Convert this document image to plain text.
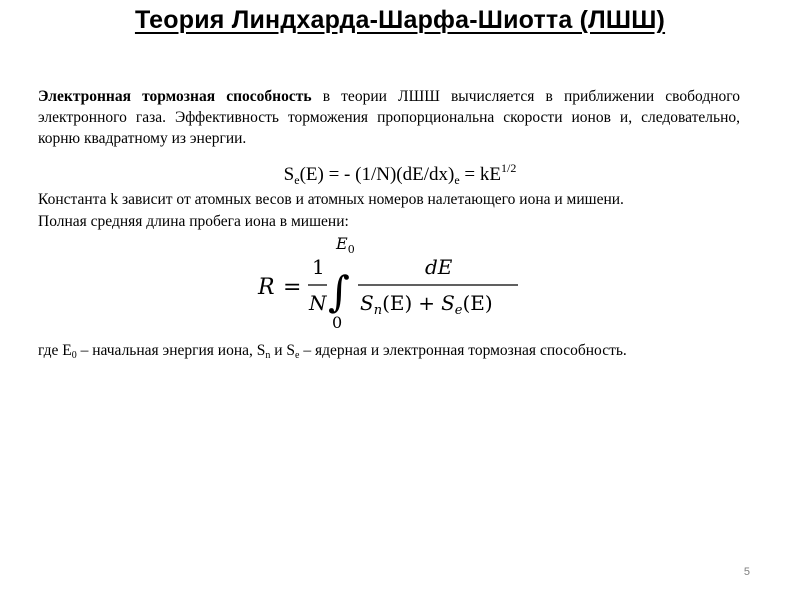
Теория Линдхарда-Шарфа-Шиотта (ЛШШ)
Электронная тормозная способность в теории ЛШШ вычисляется в приближении свободного электронного газа. Эффективность торможения пропорциональна скорости ионов и, следовательно, корню квадратному из энергии.
$S_e(E)$ = - $(1/N)(dE/dx)_e = kE^{1/2}$
Константа k зависит от атомных весов и атомных номеров налетающего иона и мишени.
Полная средняя длина пробега иона в мишени:
R =
1
N ∫
$E_0$
0
dE
$S_n(E) + S_e(E)$
где $E_0$ – начальная энергия иона, $S_n$ и $S_e$ – ядерная и электронная тормозная способность.
5
